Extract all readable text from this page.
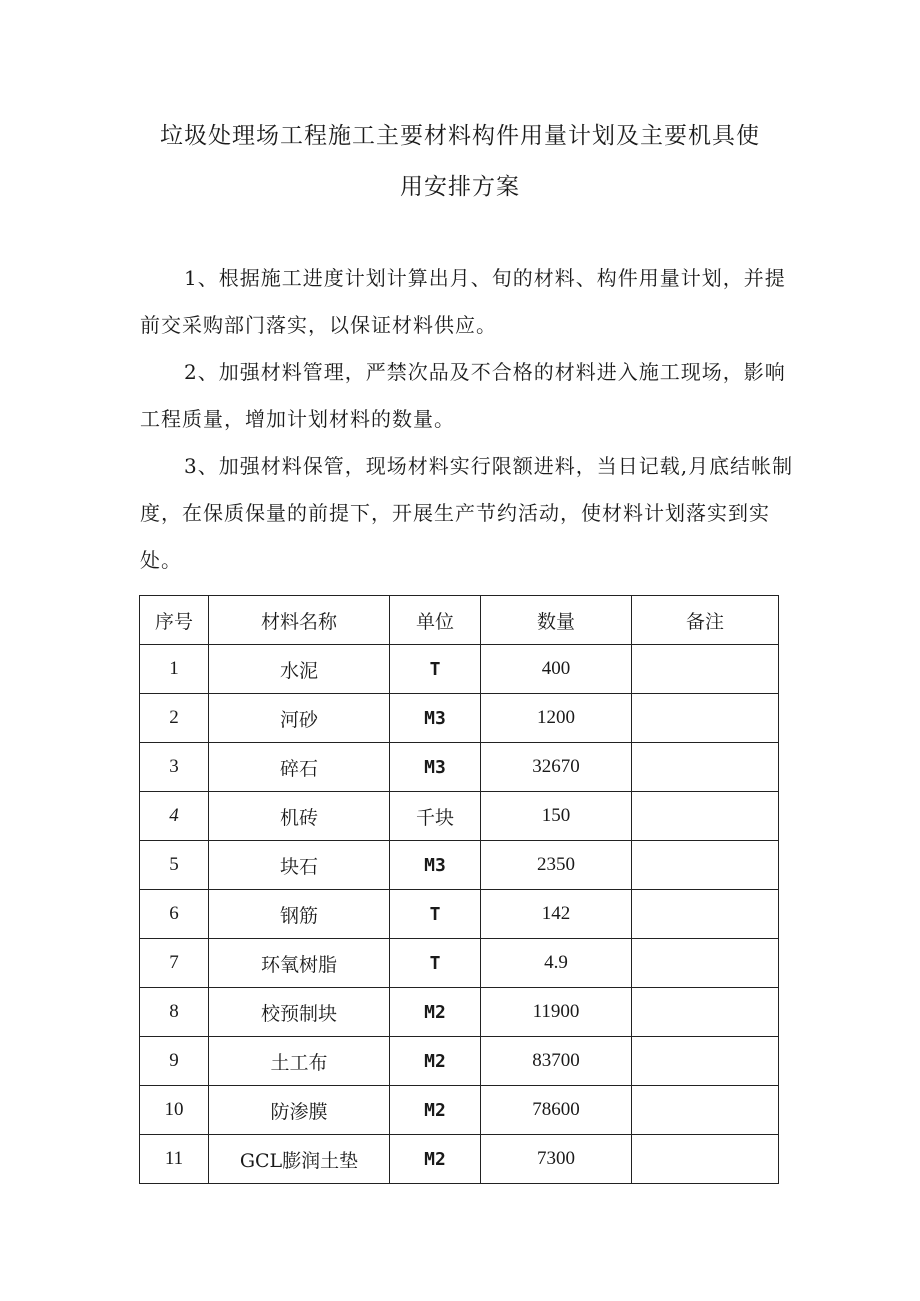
垃圾处理场工程施工主要材料构件用量计划及主要机具使
用安排方案

1、根据施工进度计划计算出月、旬的材料、构件用量计划，并提前交采购部门落实，以保证材料供应。

2、加强材料管理，严禁次品及不合格的材料进入施工现场，影响工程质量，增加计划材料的数量。

3、加强材料保管，现场材料实行限额进料，当日记载,月底结帐制度，在保质保量的前提下，开展生产节约活动，使材料计划落实到实处。

序号	材料名称	单位	数量	备注
1	水泥	T	400	
2	河砂	M3	1200	
3	碎石	M3	32670	
4	机砖	千块	150	
5	块石	M3	2350	
6	钢筋	T	142	
7	环氧树脂	T	4.9	
8	校预制块	M2	11900	
9	土工布	M2	83700	
10	防渗膜	M2	78600	
11	GCL膨润土垫	M2	7300	
